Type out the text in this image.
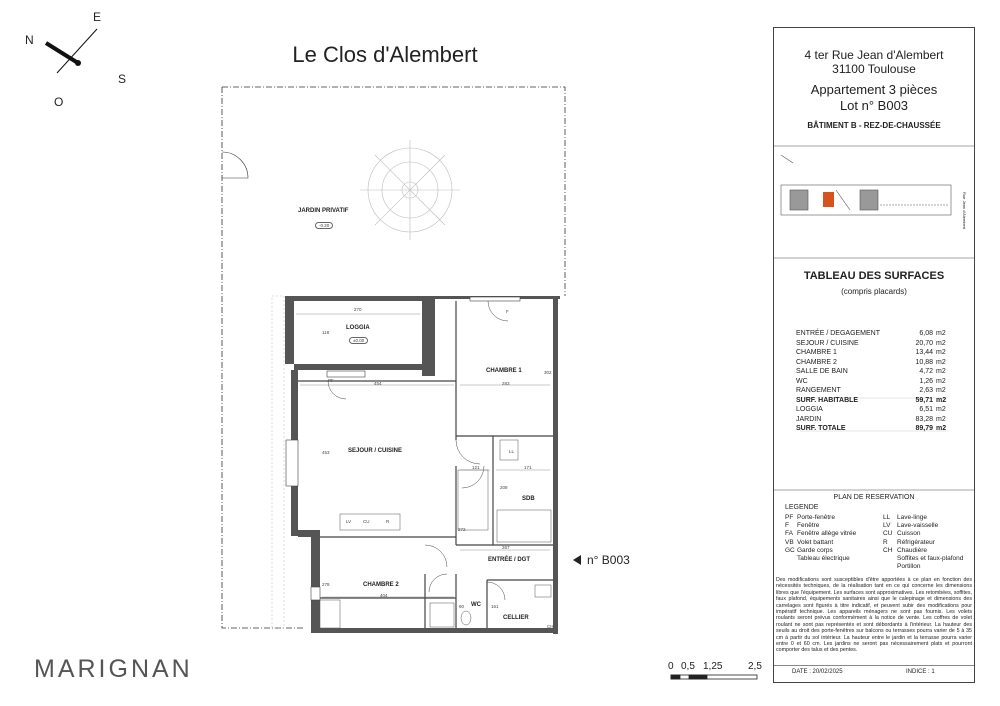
Le Clos d'Alembert
N
E
S
O
JARDIN PRIVATIF
-0.20
LOGGIA
±0.00
CHAMBRE 1
SEJOUR / CUISINE
SDB
ENTRÉE / DGT
CHAMBRE 2
WC
CELLIER
LL
LV	CU	R
CH
PF
F
270
118
454	283
302
453
121	171
209
267
272
404
278
90	161
n° B003
0 0,5 1,25	2,5
MARIGNAN
4 ter Rue Jean d'Alembert
31100 Toulouse
Appartement 3 pièces
Lot n° B003
BÂTIMENT B - REZ-DE-CHAUSSÉE
Rue Jean d'Alembert
TABLEAU DES SURFACES
(compris placards)
ENTRÉE / DEGAGEMENT	6,08	m2
SEJOUR / CUISINE	20,70	m2
CHAMBRE 1	13,44	m2
CHAMBRE 2	10,88	m2
SALLE DE BAIN	4,72	m2
WC	1,26	m2
RANGEMENT	2,63	m2
SURF. HABITABLE	59,71	m2
LOGGIA	6,51	m2
JARDIN	83,28	m2
SURF. TOTALE	89,79	m2
PLAN DE RESERVATION
LEGENDE
PF Porte-fenêtre	LL	Lave-linge
F	Fenêtre	LV	Lave-vaisselle
FA Fenêtre allège vitrée	CU Cuisson
VB Volet battant	R	Réfrigérateur
GC Garde corps	CH Chaudière
Tableau électrique	Soffites et faux-plafond
Portillon
Des modifications sont susceptibles d'être apportées à ce plan en fonction des nécessités techniques, de la réalisation tant en ce qui concerne les dimensions libres que l'équipement. Les surfaces sont approximatives. Les retombées, soffites, faux plafond, équipements sanitaires ainsi que le calepinage et dimensions des carrelages sont figurés à titre indicatif, et peuvent subir des modifications pour impératif technique. Les appareils ménagers ne sont pas fournis. Les volets roulants seront prévus conformément à la notice de vente. Les coffres de volet roulant ne sont pas représentés et sont débordants à l'intérieur. La hauteur des seuils au droit des porte-fenêtres sur balcons ou terrasses pourra varier de 5 à 35 cm à partir du sol intérieur. La hauteur entre le jardin et la terrasse pourra varier entre 0 et 60 cm. Les jardins ne seront pas nécessairement plats et pourront comporter des talus et des pentes.
DATE : 20/02/2025	INDICE : 1
